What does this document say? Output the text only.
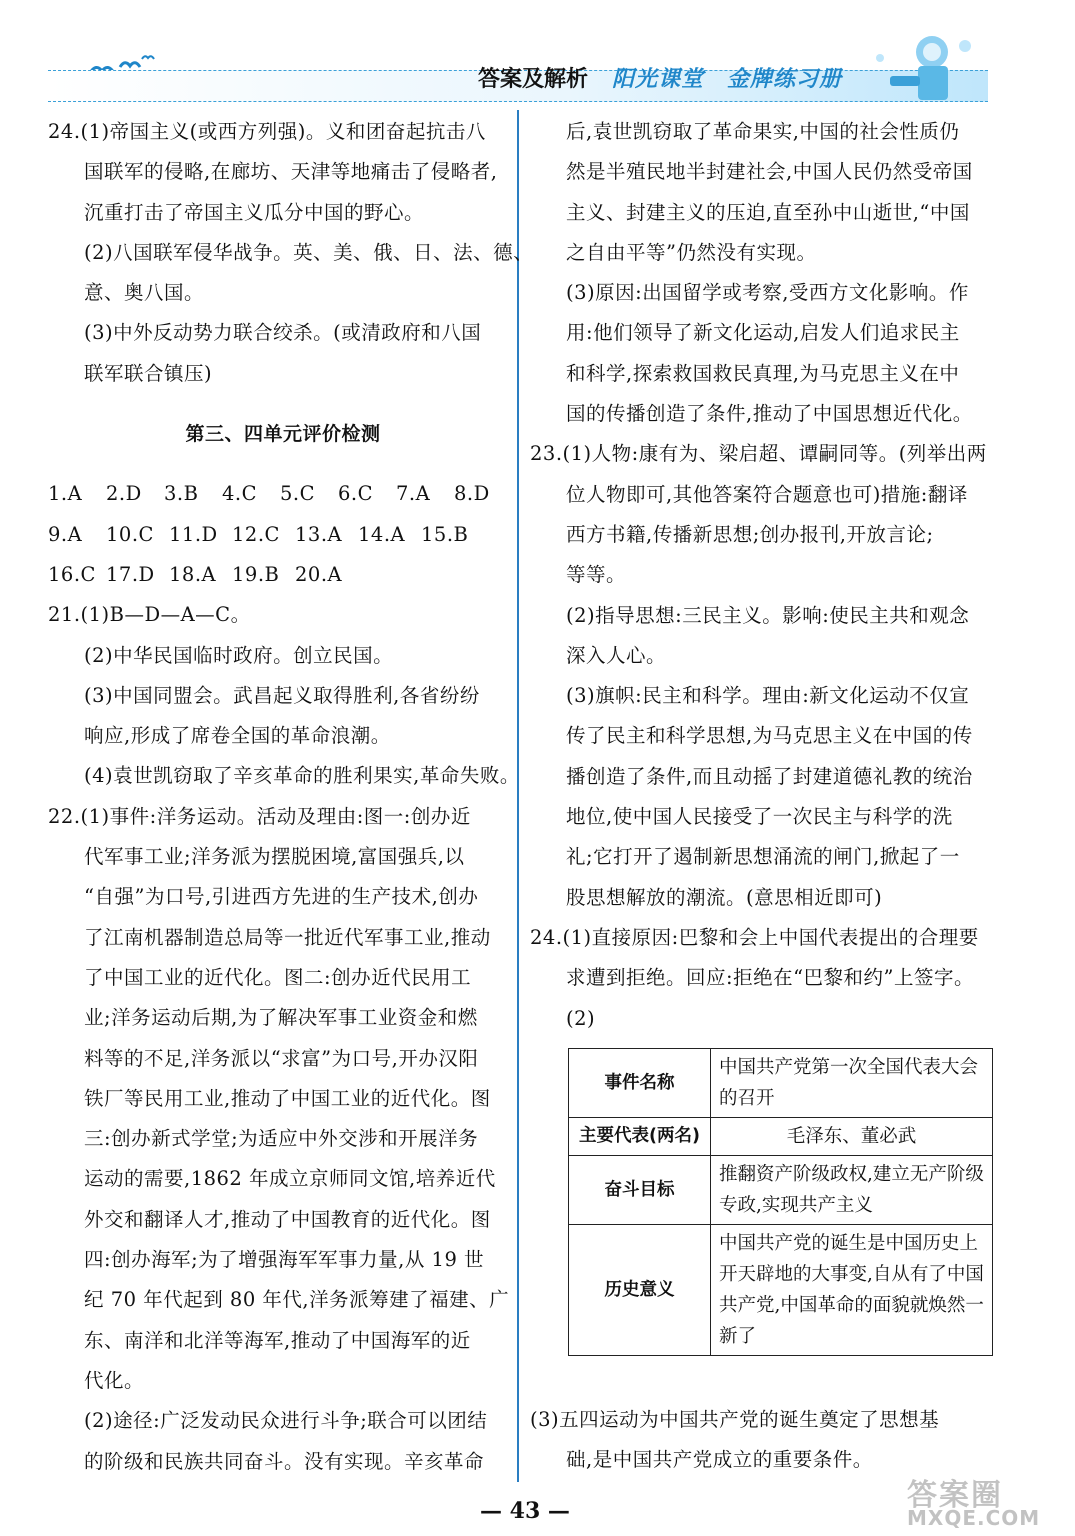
答案及解析 阳光课堂　金牌练习册
24.(1)帝国主义(或西方列强)。义和团奋起抗击八
国联军的侵略,在廊坊、天津等地痛击了侵略者,
沉重打击了帝国主义瓜分中国的野心。
(2)八国联军侵华战争。英、美、俄、日、法、德、
意、奥八国。
(3)中外反动势力联合绞杀。(或清政府和八国
联军联合镇压)
第三、四单元评价检测
1.A	2.D	3.B	4.C	5.C	6.C	7.A	8.D
9.A	10.C 11.D 12.C 13.A 14.A 15.B
16.C 17.D 18.A 19.B 20.A
21.(1)B—D—A—C。
(2)中华民国临时政府。创立民国。
(3)中国同盟会。武昌起义取得胜利,各省纷纷
响应,形成了席卷全国的革命浪潮。
(4)袁世凯窃取了辛亥革命的胜利果实,革命失败。
22.(1)事件:洋务运动。活动及理由:图一:创办近
代军事工业;洋务派为摆脱困境,富国强兵,以
“自强”为口号,引进西方先进的生产技术,创办
了江南机器制造总局等一批近代军事工业,推动
了中国工业的近代化。图二:创办近代民用工
业;洋务运动后期,为了解决军事工业资金和燃
料等的不足,洋务派以“求富”为口号,开办汉阳
铁厂等民用工业,推动了中国工业的近代化。图
三:创办新式学堂;为适应中外交涉和开展洋务
运动的需要,1862 年成立京师同文馆,培养近代
外交和翻译人才,推动了中国教育的近代化。图
四:创办海军;为了增强海军军事力量,从 19 世
纪 70 年代起到 80 年代,洋务派筹建了福建、广
东、南洋和北洋等海军,推动了中国海军的近
代化。
(2)途径:广泛发动民众进行斗争;联合可以团结
的阶级和民族共同奋斗。没有实现。辛亥革命
后,袁世凯窃取了革命果实,中国的社会性质仍
然是半殖民地半封建社会,中国人民仍然受帝国
主义、封建主义的压迫,直至孙中山逝世,“中国
之自由平等”仍然没有实现。
(3)原因:出国留学或考察,受西方文化影响。作
用:他们领导了新文化运动,启发人们追求民主
和科学,探索救国救民真理,为马克思主义在中
国的传播创造了条件,推动了中国思想近代化。
23.(1)人物:康有为、梁启超、谭嗣同等。(列举出两
位人物即可,其他答案符合题意也可)措施:翻译
西方书籍,传播新思想;创办报刊,开放言论;
等等。
(2)指导思想:三民主义。影响:使民主共和观念
深入人心。
(3)旗帜:民主和科学。理由:新文化运动不仅宣
传了民主和科学思想,为马克思主义在中国的传
播创造了条件,而且动摇了封建道德礼教的统治
地位,使中国人民接受了一次民主与科学的洗
礼;它打开了遏制新思想涌流的闸门,掀起了一
股思想解放的潮流。(意思相近即可)
24.(1)直接原因:巴黎和会上中国代表提出的合理要
求遭到拒绝。回应:拒绝在“巴黎和约”上签字。
(2)
事件名称	中国共产党第一次全国代表大会的召开
主要代表(两名)	毛泽东、董必武
奋斗目标	推翻资产阶级政权,建立无产阶级专政,实现共产主义
历史意义	中国共产党的诞生是中国历史上开天辟地的大事变,自从有了中国共产党,中国革命的面貌就焕然一新了
(3)五四运动为中国共产党的诞生奠定了思想基
础,是中国共产党成立的重要条件。
— 43 —	答案圈
MXQE.COM
